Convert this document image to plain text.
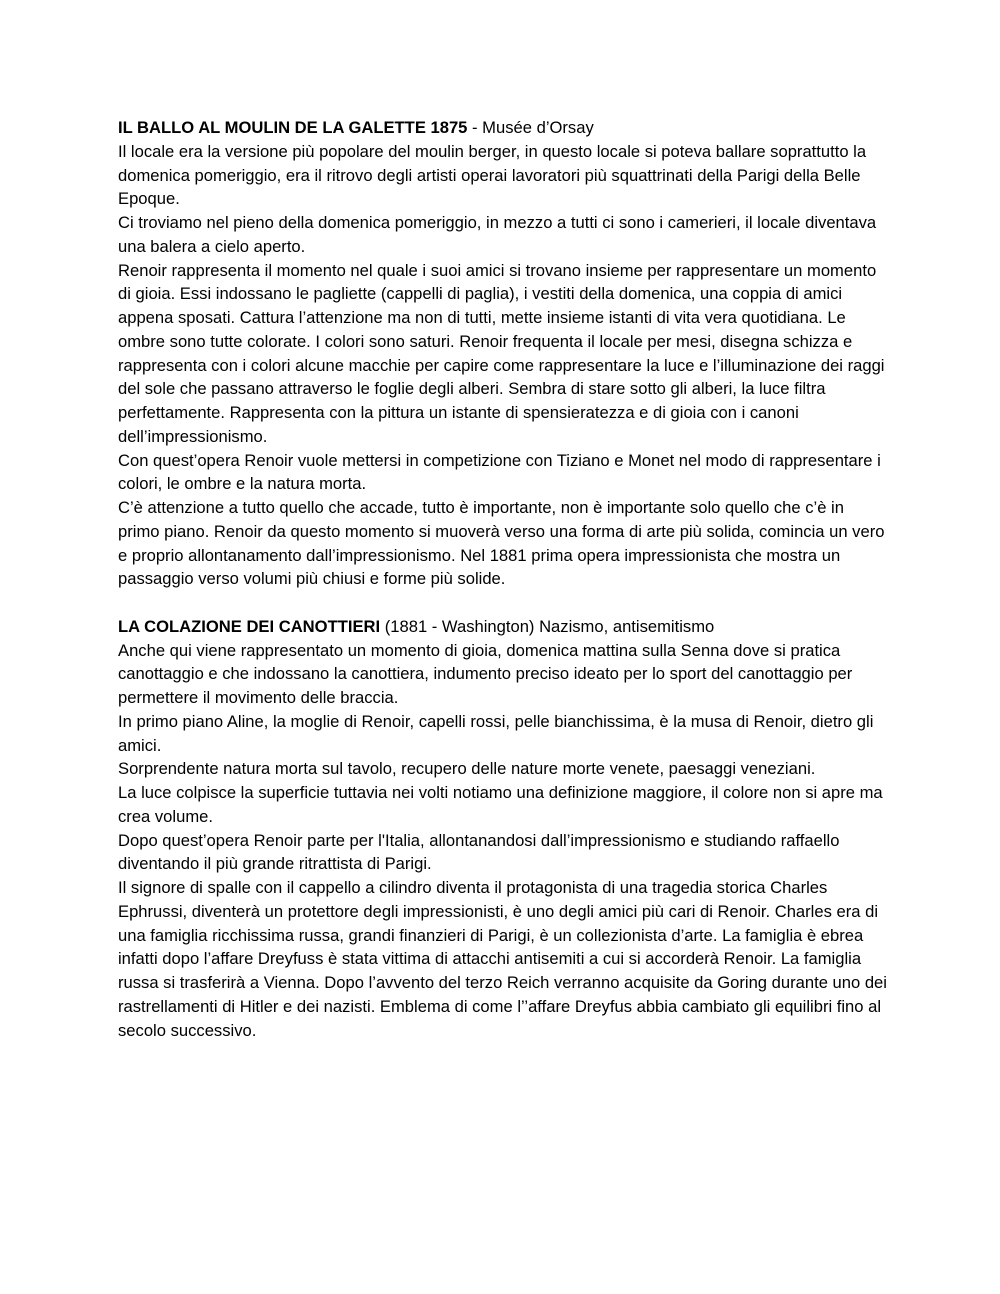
IL BALLO AL MOULIN DE LA GALETTE 1875 - Musée d’Orsay

Il locale era la versione più popolare del moulin berger, in questo locale si poteva ballare soprattutto la domenica pomeriggio, era il ritrovo degli artisti operai lavoratori più squattrinati della Parigi della Belle Epoque.

Ci troviamo nel pieno della domenica pomeriggio, in mezzo a tutti ci sono i camerieri, il locale diventava una balera a cielo aperto.

Renoir rappresenta il momento nel quale i suoi amici si trovano insieme per rappresentare un momento di gioia. Essi indossano le pagliette (cappelli di paglia), i vestiti della domenica, una coppia di amici appena sposati. Cattura l’attenzione ma non di tutti, mette insieme istanti di vita vera quotidiana. Le ombre sono tutte colorate. I colori sono saturi. Renoir frequenta il locale per mesi, disegna schizza e rappresenta con i colori alcune macchie per capire come rappresentare la luce e l’illuminazione dei raggi del sole che passano attraverso le foglie degli alberi. Sembra di stare sotto gli alberi, la luce filtra perfettamente. Rappresenta con la pittura un istante di spensieratezza e di gioia con i canoni dell’impressionismo.

Con quest’opera Renoir vuole mettersi in competizione con Tiziano e Monet nel modo di rappresentare i colori, le ombre e la natura morta.

C’è attenzione a tutto quello che accade, tutto è importante, non è importante solo quello che c’è in primo piano. Renoir da questo momento si muoverà verso una forma di arte più solida, comincia un vero e proprio allontanamento dall’impressionismo. Nel 1881 prima opera impressionista che mostra un passaggio verso volumi più chiusi e forme più solide.

LA COLAZIONE DEI CANOTTIERI (1881 - Washington) Nazismo, antisemitismo

Anche qui viene rappresentato un momento di gioia, domenica mattina sulla Senna dove si pratica canottaggio e che indossano la canottiera, indumento preciso ideato per lo sport del canottaggio per permettere il movimento delle braccia.

In primo piano Aline, la moglie di Renoir, capelli rossi, pelle bianchissima, è la musa di Renoir, dietro gli amici.

Sorprendente natura morta sul tavolo, recupero delle nature morte venete, paesaggi veneziani.

La luce colpisce la superficie tuttavia nei volti notiamo una definizione maggiore, il colore non si apre ma crea volume.

Dopo quest’opera Renoir parte per l'Italia, allontanandosi dall’impressionismo e studiando raffaello diventando il più grande ritrattista di Parigi.

Il signore di spalle con il cappello a cilindro diventa il protagonista di una tragedia storica Charles Ephrussi, diventerà un protettore degli impressionisti, è uno degli amici più cari di Renoir. Charles era di una famiglia ricchissima russa, grandi finanzieri di Parigi, è un collezionista d’arte. La famiglia è ebrea infatti dopo l’affare Dreyfuss è stata vittima di attacchi antisemiti a cui si accorderà Renoir. La famiglia russa si trasferirà a Vienna. Dopo l’avvento del terzo Reich verranno acquisite da Goring durante uno dei rastrellamenti di Hitler e dei nazisti. Emblema di come l’’affare Dreyfus abbia cambiato gli equilibri fino al secolo successivo.
